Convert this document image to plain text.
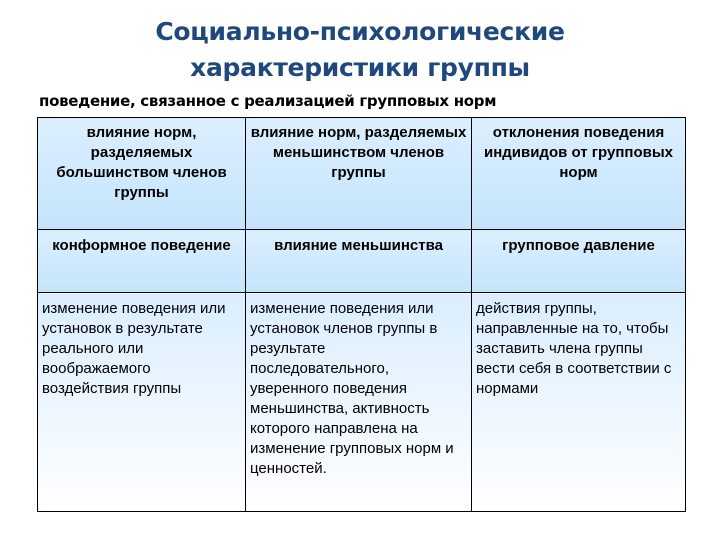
Социально-психологические характеристики группы
поведение, связанное с реализацией групповых норм
влияние норм, разделяемых большинством членов группы	влияние норм, разделяемых меньшинством членов группы	отклонения поведения индивидов от групповых норм
конформное поведение	влияние меньшинства	групповое давление
изменение поведения или установок в результате реального или воображаемого воздействия группы	изменение поведения или установок членов группы в результате последовательного, уверенного поведения меньшинства, активность которого направлена на изменение групповых норм и ценностей.	действия группы, направленные на то, чтобы заставить члена группы вести себя в соответствии с нормами
